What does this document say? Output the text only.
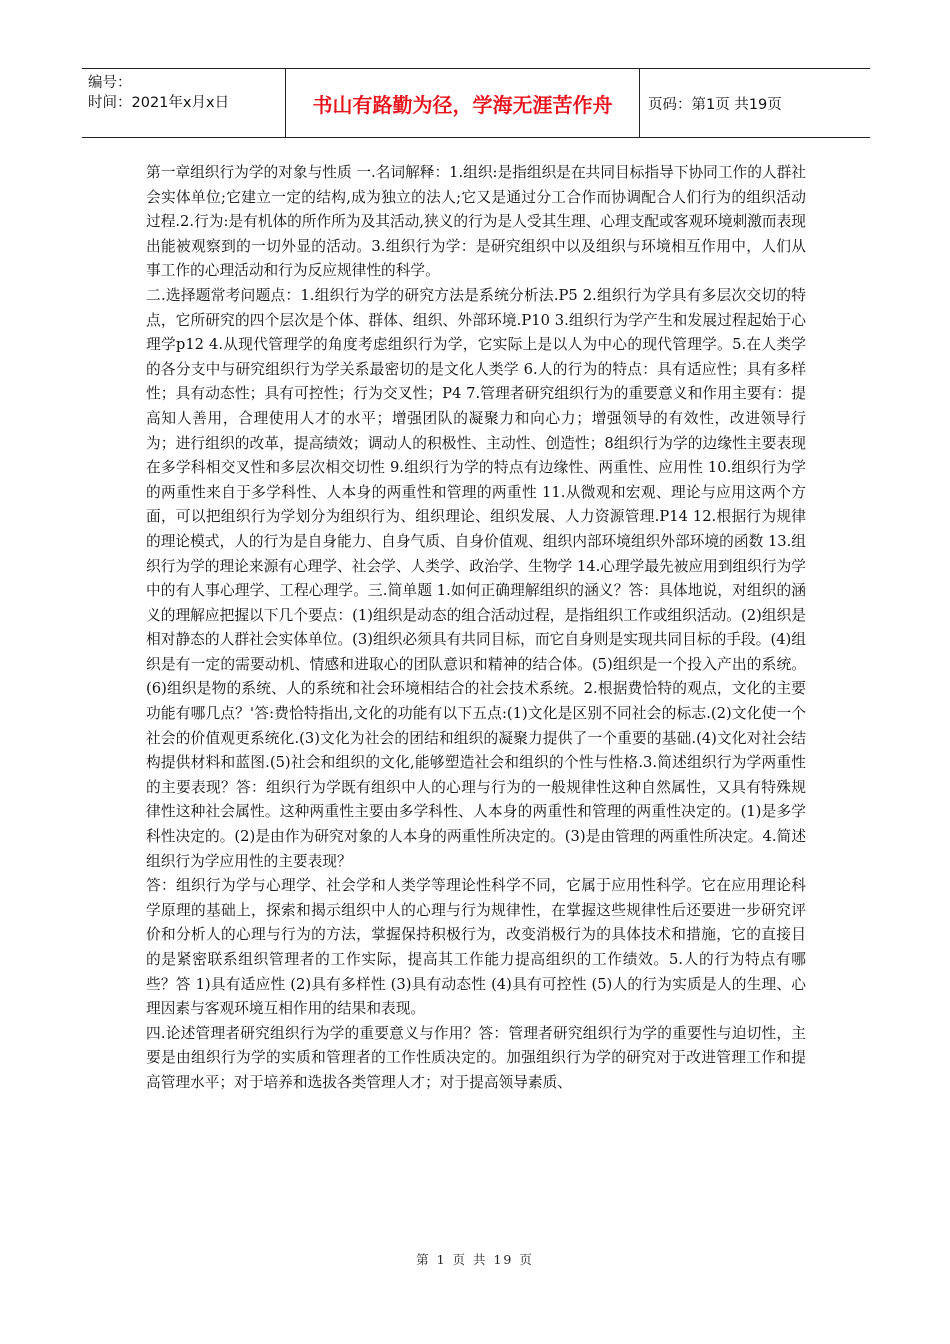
编号：
时间：2021年x月x日	书山有路勤为径，学海无涯苦作舟	页码：第1页 共19页

第一章组织行为学的对象与性质 一.名词解释：1.组织:是指组织是在共同目标指导下协同工作的人群社会实体单位;它建立一定的结构,成为独立的法人;它又是通过分工合作而协调配合人们行为的组织活动过程.2.行为:是有机体的所作所为及其活动,狭义的行为是人受其生理、心理支配或客观环境刺激而表现出能被观察到的一切外显的活动。3.组织行为学：是研究组织中以及组织与环境相互作用中，人们从事工作的心理活动和行为反应规律性的科学。

二.选择题常考问题点：1.组织行为学的研究方法是系统分析法.P5 2.组织行为学具有多层次交切的特点，它所研究的四个层次是个体、群体、组织、外部环境.P10 3.组织行为学产生和发展过程起始于心理学p12 4.从现代管理学的角度考虑组织行为学，它实际上是以人为中心的现代管理学。5.在人类学的各分支中与研究组织行为学关系最密切的是文化人类学 6.人的行为的特点：具有适应性；具有多样性；具有动态性；具有可控性；行为交叉性；P4 7.管理者研究组织行为的重要意义和作用主要有：提高知人善用，合理使用人才的水平；增强团队的凝聚力和向心力；增强领导的有效性，改进领导行为；进行组织的改革，提高绩效；调动人的积极性、主动性、创造性；8组织行为学的边缘性主要表现在多学科相交叉性和多层次相交切性 9.组织行为学的特点有边缘性、两重性、应用性 10.组织行为学的两重性来自于多学科性、人本身的两重性和管理的两重性 11.从微观和宏观、理论与应用这两个方面，可以把组织行为学划分为组织行为、组织理论、组织发展、人力资源管理.P14 12.根据行为规律的理论模式，人的行为是自身能力、自身气质、自身价值观、组织内部环境组织外部环境的函数 13.组织行为学的理论来源有心理学、社会学、人类学、政治学、生物学 14.心理学最先被应用到组织行为学中的有人事心理学、工程心理学。三.简单题 1.如何正确理解组织的涵义？答：具体地说，对组织的涵义的理解应把握以下几个要点：(1)组织是动态的组合活动过程，是指组织工作或组织活动。(2)组织是相对静态的人群社会实体单位。(3)组织必须具有共同目标，而它自身则是实现共同目标的手段。(4)组织是有一定的需要动机、情感和进取心的团队意识和精神的结合体。(5)组织是一个投入产出的系统。(6)组织是物的系统、人的系统和社会环境相结合的社会技术系统。2.根据费恰特的观点，文化的主要功能有哪几点？'答:费恰特指出,文化的功能有以下五点:(1)文化是区别不同社会的标志.(2)文化使一个社会的价值观更系统化.(3)文化为社会的团结和组织的凝聚力提供了一个重要的基础.(4)文化对社会结构提供材料和蓝图.(5)社会和组织的文化,能够塑造社会和组织的个性与性格.3.简述组织行为学两重性的主要表现？答：组织行为学既有组织中人的心理与行为的一般规律性这种自然属性，又具有特殊规律性这种社会属性。这种两重性主要由多学科性、人本身的两重性和管理的两重性决定的。(1)是多学科性决定的。(2)是由作为研究对象的人本身的两重性所决定的。(3)是由管理的两重性所决定。4.简述组织行为学应用性的主要表现？

答：组织行为学与心理学、社会学和人类学等理论性科学不同，它属于应用性科学。它在应用理论科学原理的基础上，探索和揭示组织中人的心理与行为规律性，在掌握这些规律性后还要进一步研究评价和分析人的心理与行为的方法，掌握保持积极行为，改变消极行为的具体技术和措施，它的直接目的是紧密联系组织管理者的工作实际，提高其工作能力提高组织的工作绩效。5.人的行为特点有哪些？答 1)具有适应性 (2)具有多样性 (3)具有动态性 (4)具有可控性 (5)人的行为实质是人的生理、心理因素与客观环境互相作用的结果和表现。

四.论述管理者研究组织行为学的重要意义与作用？答：管理者研究组织行为学的重要性与迫切性，主要是由组织行为学的实质和管理者的工作性质决定的。加强组织行为学的研究对于改进管理工作和提高管理水平；对于培养和选拔各类管理人才；对于提高领导素质、

第 1 页 共 19 页
